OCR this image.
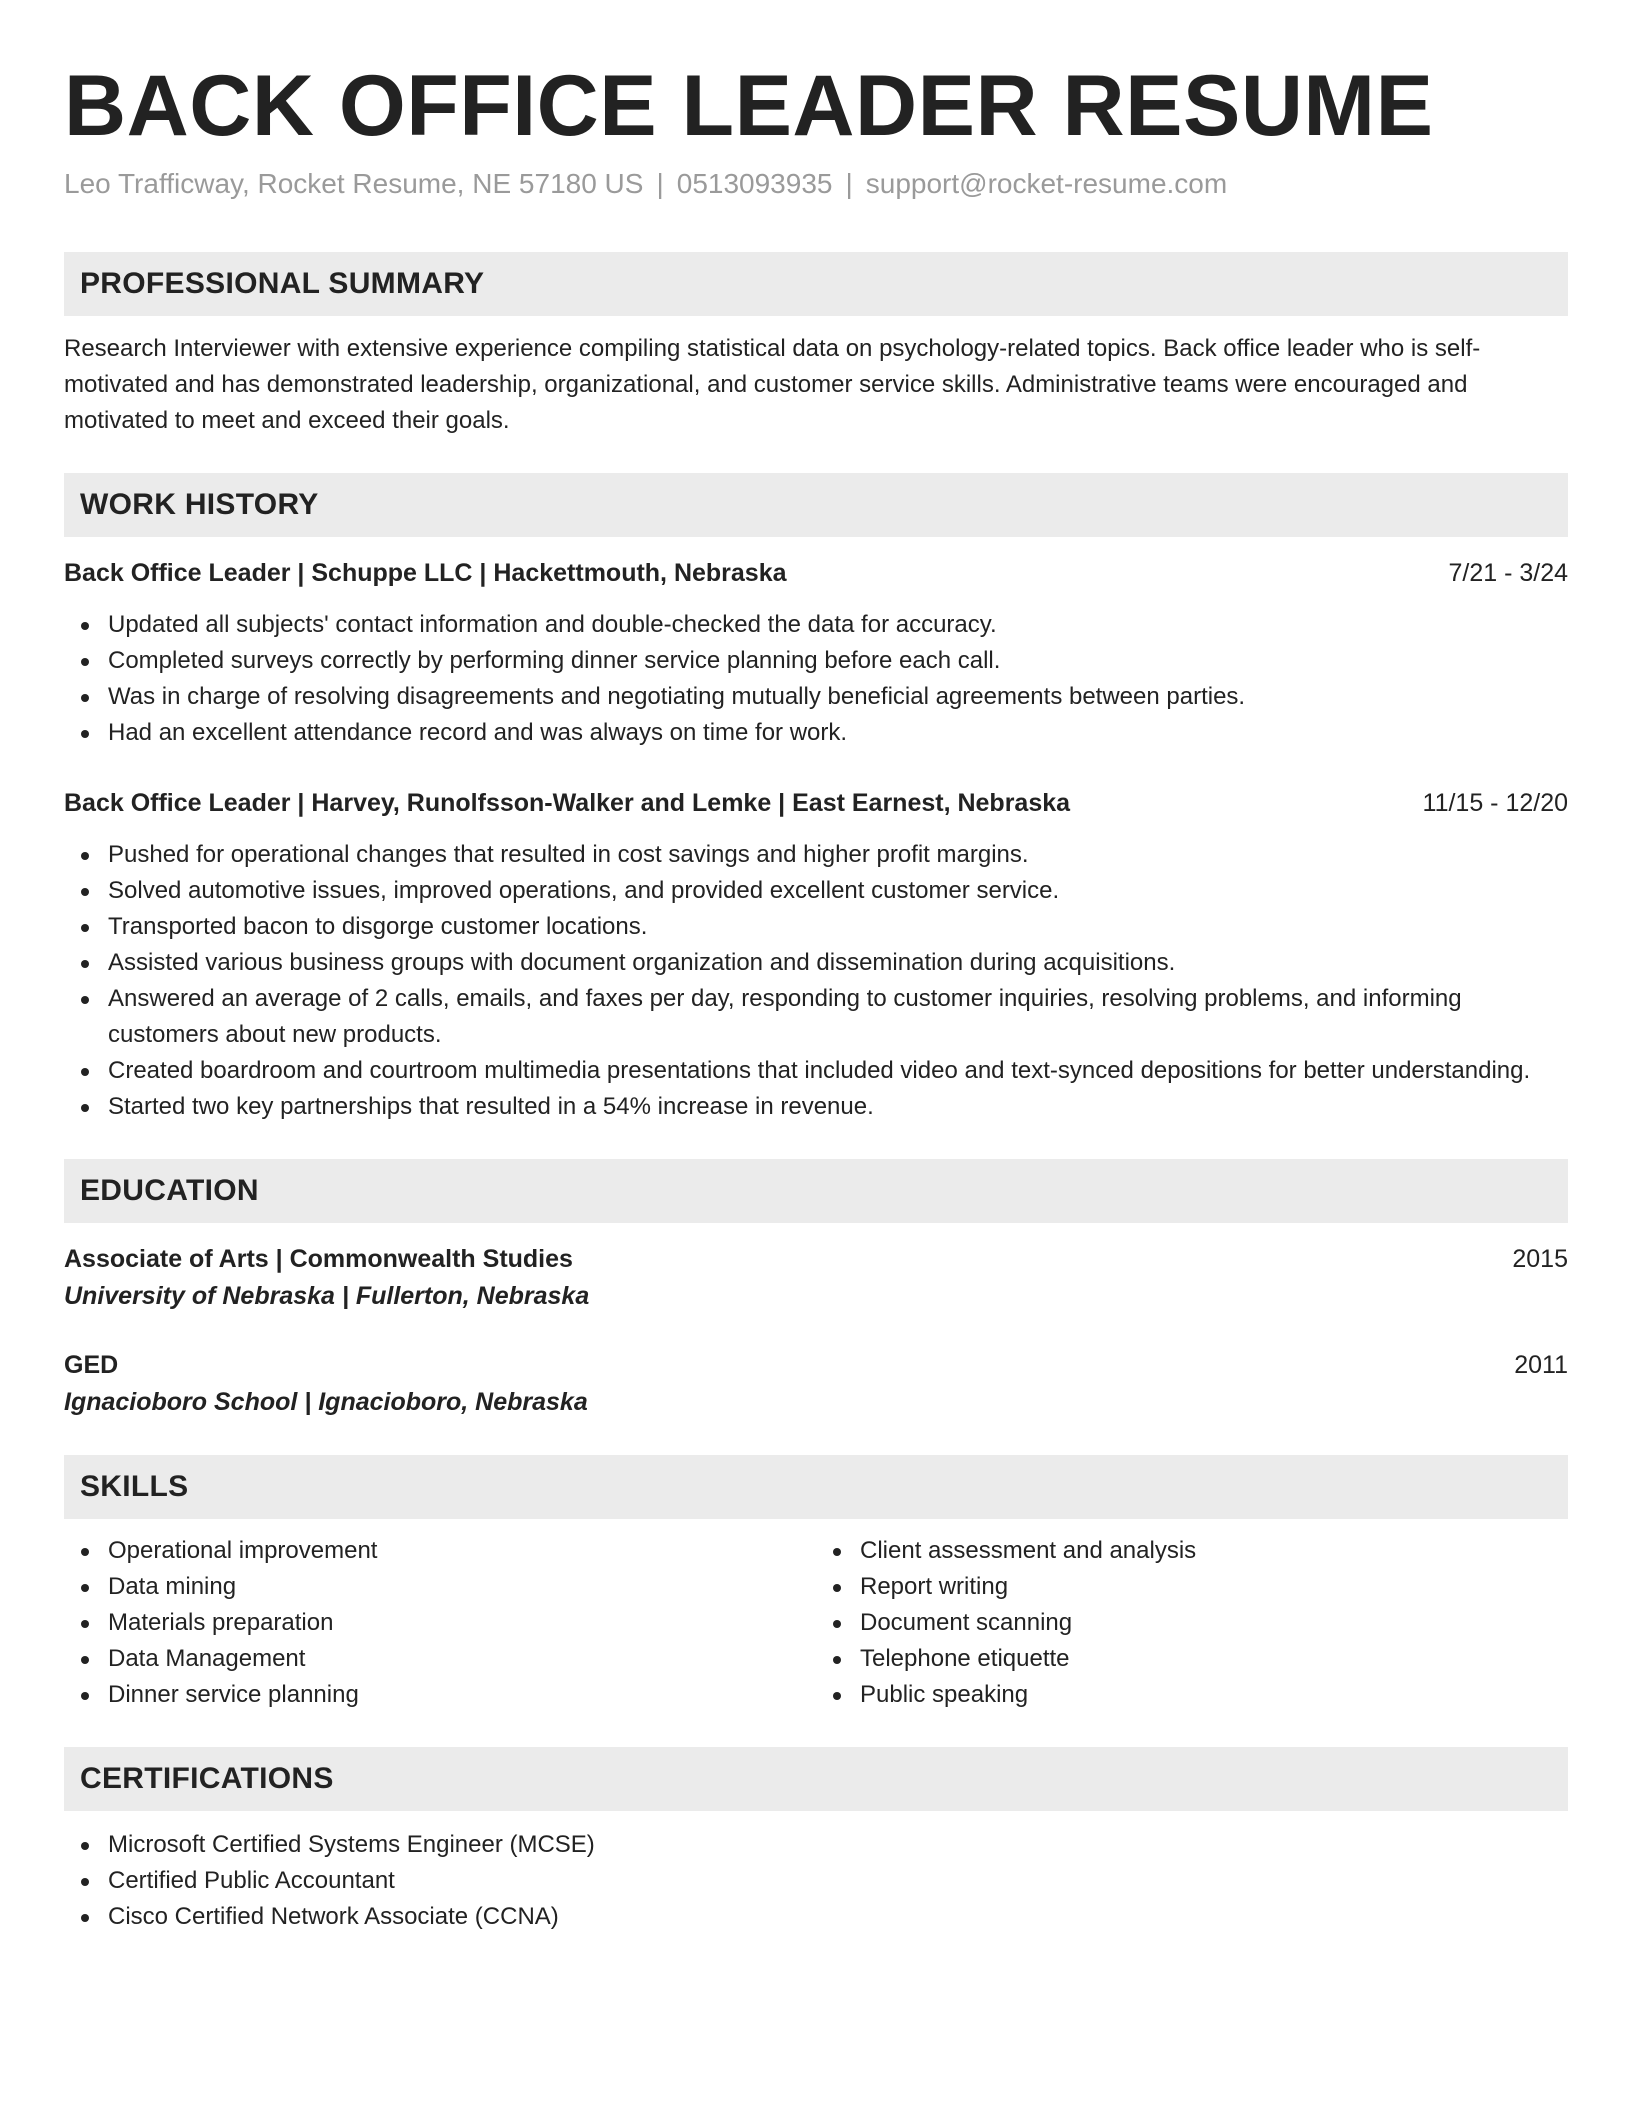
BACK OFFICE LEADER RESUME
Leo Trafficway, Rocket Resume, NE 57180 US | 0513093935 | support@rocket-resume.com
PROFESSIONAL SUMMARY

Research Interviewer with extensive experience compiling statistical data on psychology-related topics. Back office leader who is self-motivated and has demonstrated leadership, organizational, and customer service skills. Administrative teams were encouraged and motivated to meet and exceed their goals.

WORK HISTORY
Back Office Leader | Schuppe LLC | Hackettmouth, Nebraska	7/21 - 3/24
Updated all subjects' contact information and double-checked the data for accuracy.
Completed surveys correctly by performing dinner service planning before each call.
Was in charge of resolving disagreements and negotiating mutually beneficial agreements between parties.
Had an excellent attendance record and was always on time for work.
Back Office Leader | Harvey, Runolfsson-Walker and Lemke | East Earnest, Nebraska	11/15 - 12/20
Pushed for operational changes that resulted in cost savings and higher profit margins.
Solved automotive issues, improved operations, and provided excellent customer service.
Transported bacon to disgorge customer locations.
Assisted various business groups with document organization and dissemination during acquisitions.
Answered an average of 2 calls, emails, and faxes per day, responding to customer inquiries, resolving problems, and informing customers about new products.
Created boardroom and courtroom multimedia presentations that included video and text-synced depositions for better understanding.
Started two key partnerships that resulted in a 54% increase in revenue.
EDUCATION
Associate of Arts | Commonwealth Studies	2015
University of Nebraska | Fullerton, Nebraska
GED	2011
Ignacioboro School | Ignacioboro, Nebraska
SKILLS
Operational improvement
Data mining
Materials preparation
Data Management
Dinner service planning
Client assessment and analysis
Report writing
Document scanning
Telephone etiquette
Public speaking
CERTIFICATIONS
Microsoft Certified Systems Engineer (MCSE)
Certified Public Accountant
Cisco Certified Network Associate (CCNA)
